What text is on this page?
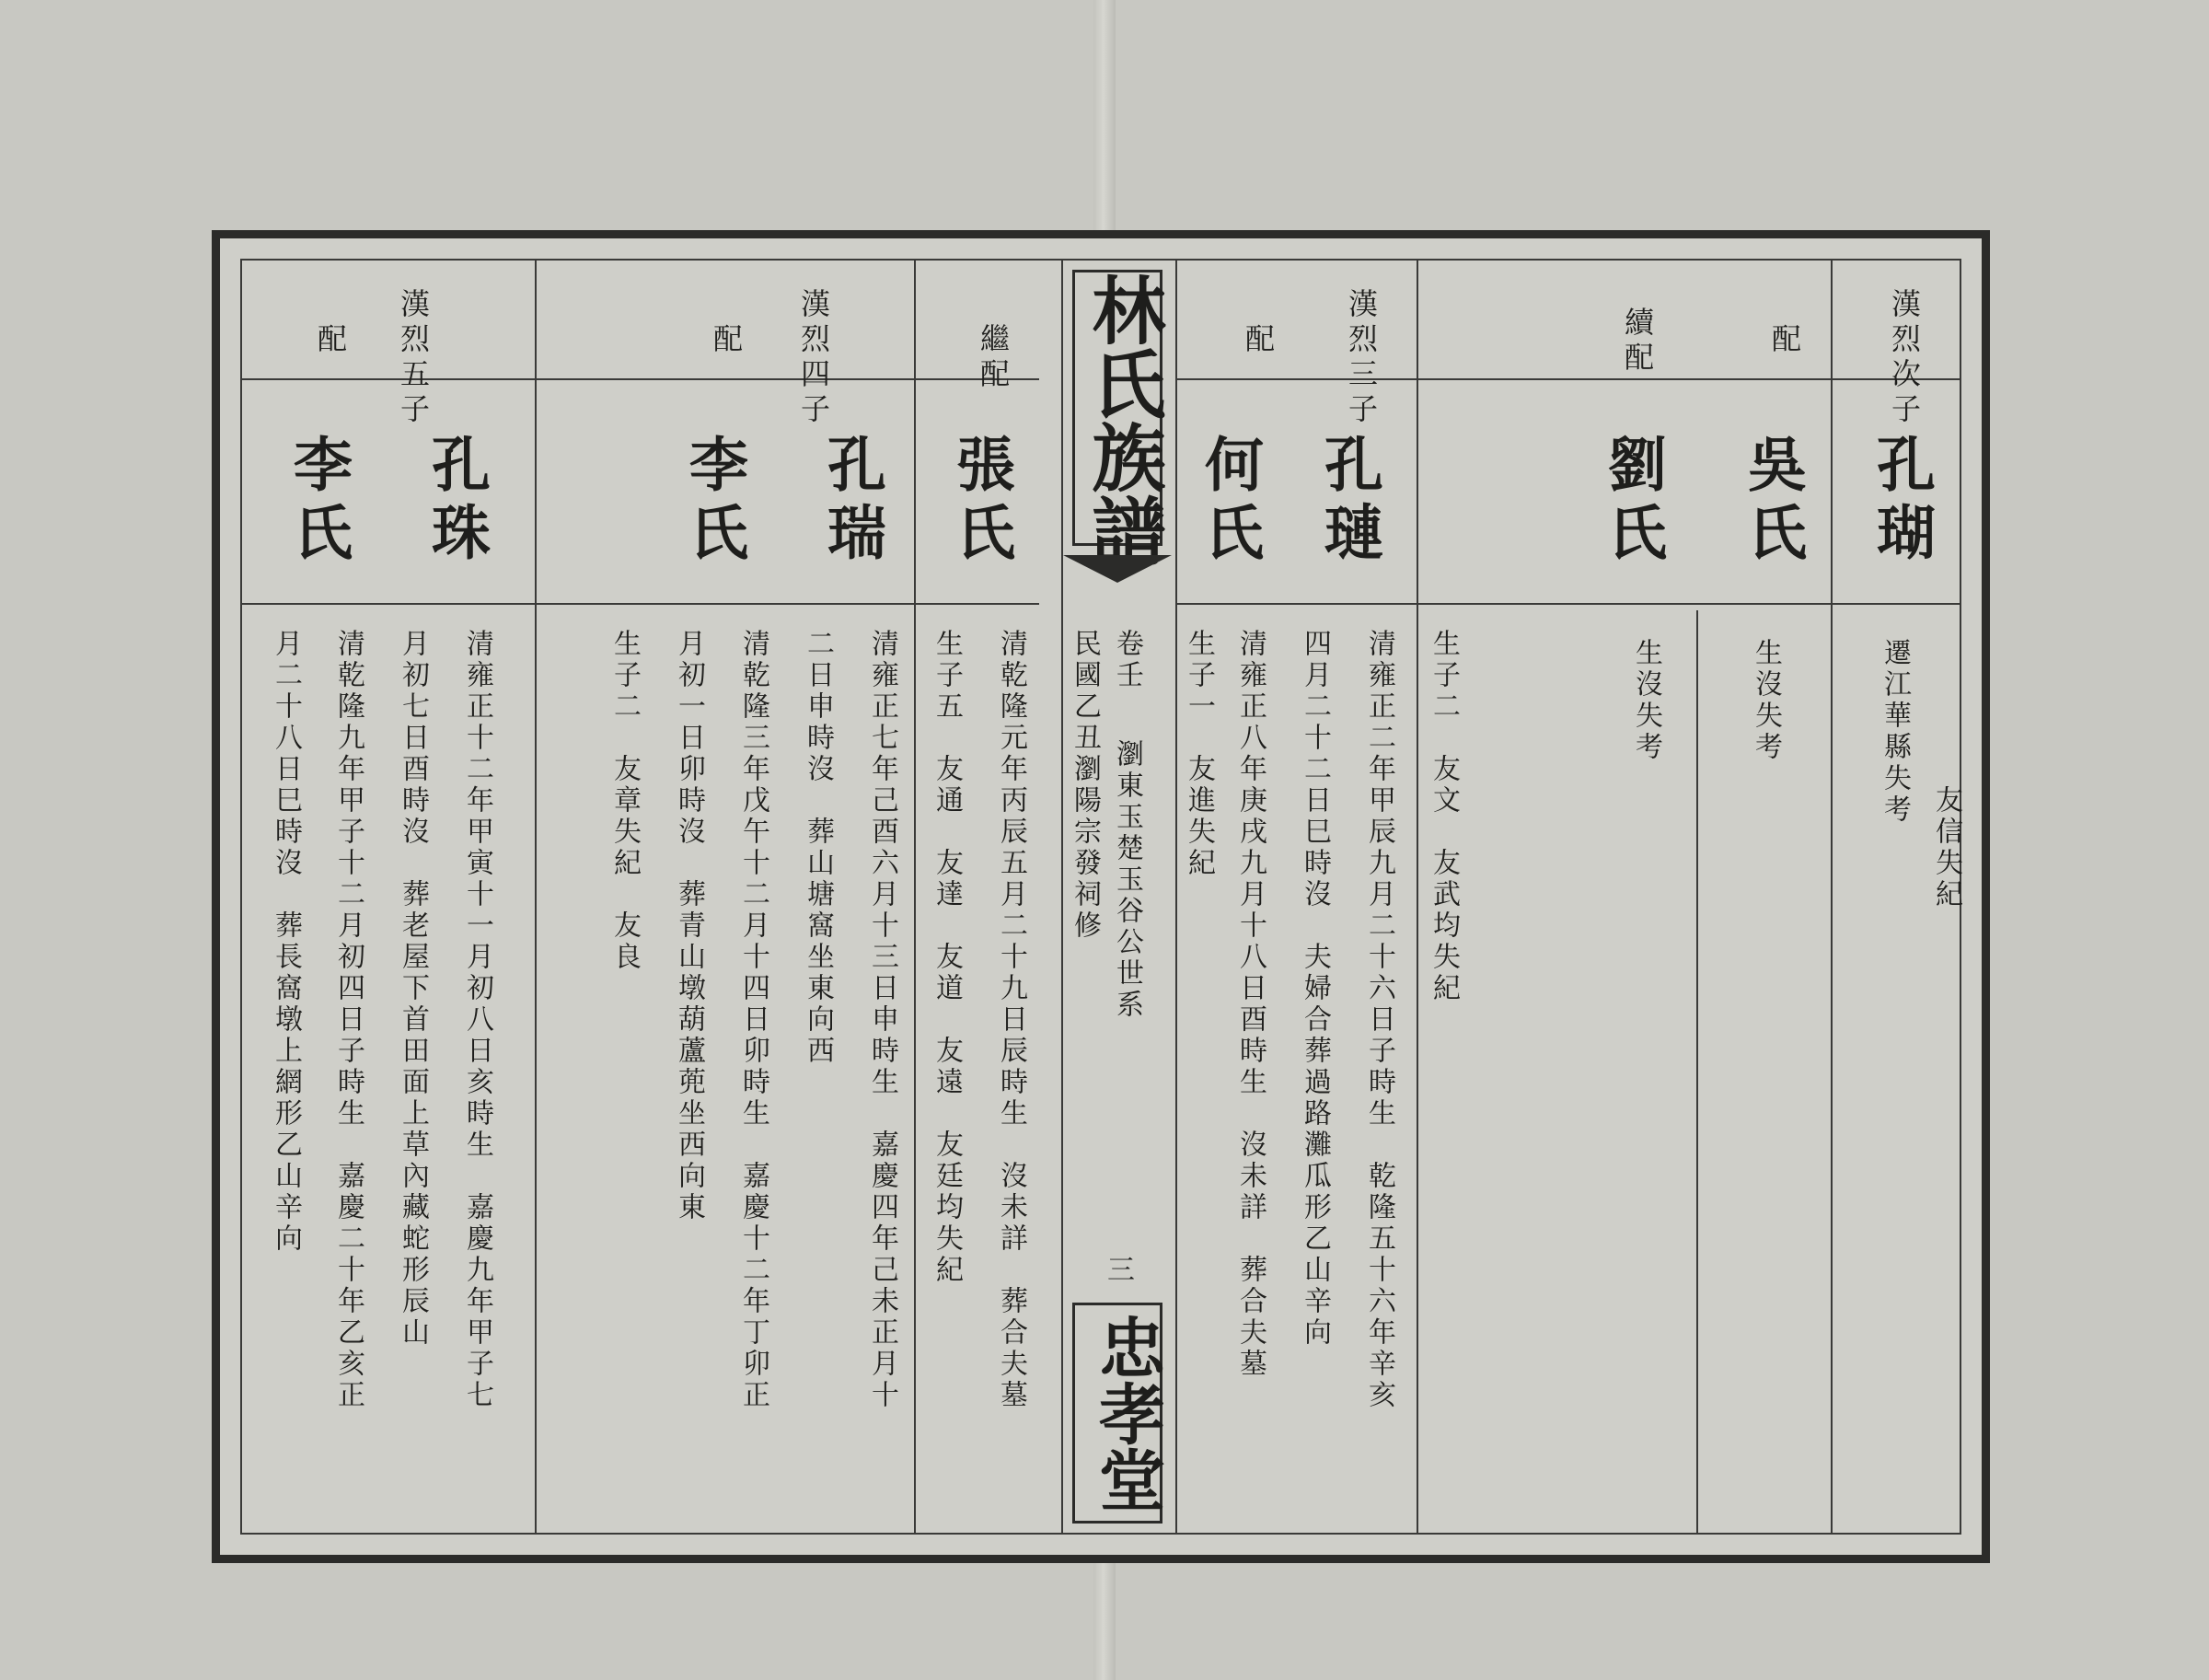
漢烈五子
配
孔珠
李氏
清雍正十二年甲寅十一月初八日亥時生　嘉慶九年甲子七
月初七日酉時沒　葬老屋下首田面上草內藏蛇形辰山
清乾隆九年甲子十二月初四日子時生　嘉慶二十年乙亥正
月二十八日巳時沒　葬長窩墩上網形乙山辛向
漢烈四子
配
孔瑞
李氏
清雍正七年己酉六月十三日申時生　嘉慶四年己未正月十
二日申時沒　葬山塘窩坐東向西
清乾隆三年戊午十二月十四日卯時生　嘉慶十二年丁卯正
月初一日卯時沒　葬青山墩葫蘆蔸坐西向東
生子二　友章失紀　友良
繼配
張氏
清乾隆元年丙辰五月二十九日辰時生　沒未詳　葬合夫墓
生子五　友通　友達　友道　友遠　友廷均失紀
漢烈次子
配
續配
孔瑚
吳氏
劉氏
遷江華縣失考
生沒失考
生沒失考
友信失紀
漢烈三子
配
孔璉
何氏
清雍正二年甲辰九月二十六日子時生　乾隆五十六年辛亥
四月二十二日巳時沒　夫婦合葬過路灘瓜形乙山辛向	生子二　友文　友武均失紀
清雍正八年庚戌九月十八日酉時生　沒未詳　葬合夫墓
生子一　友進失紀
林氏族譜
卷壬
瀏東玉楚玉谷公世系
民國乙丑瀏陽宗發祠修
三
忠孝堂
